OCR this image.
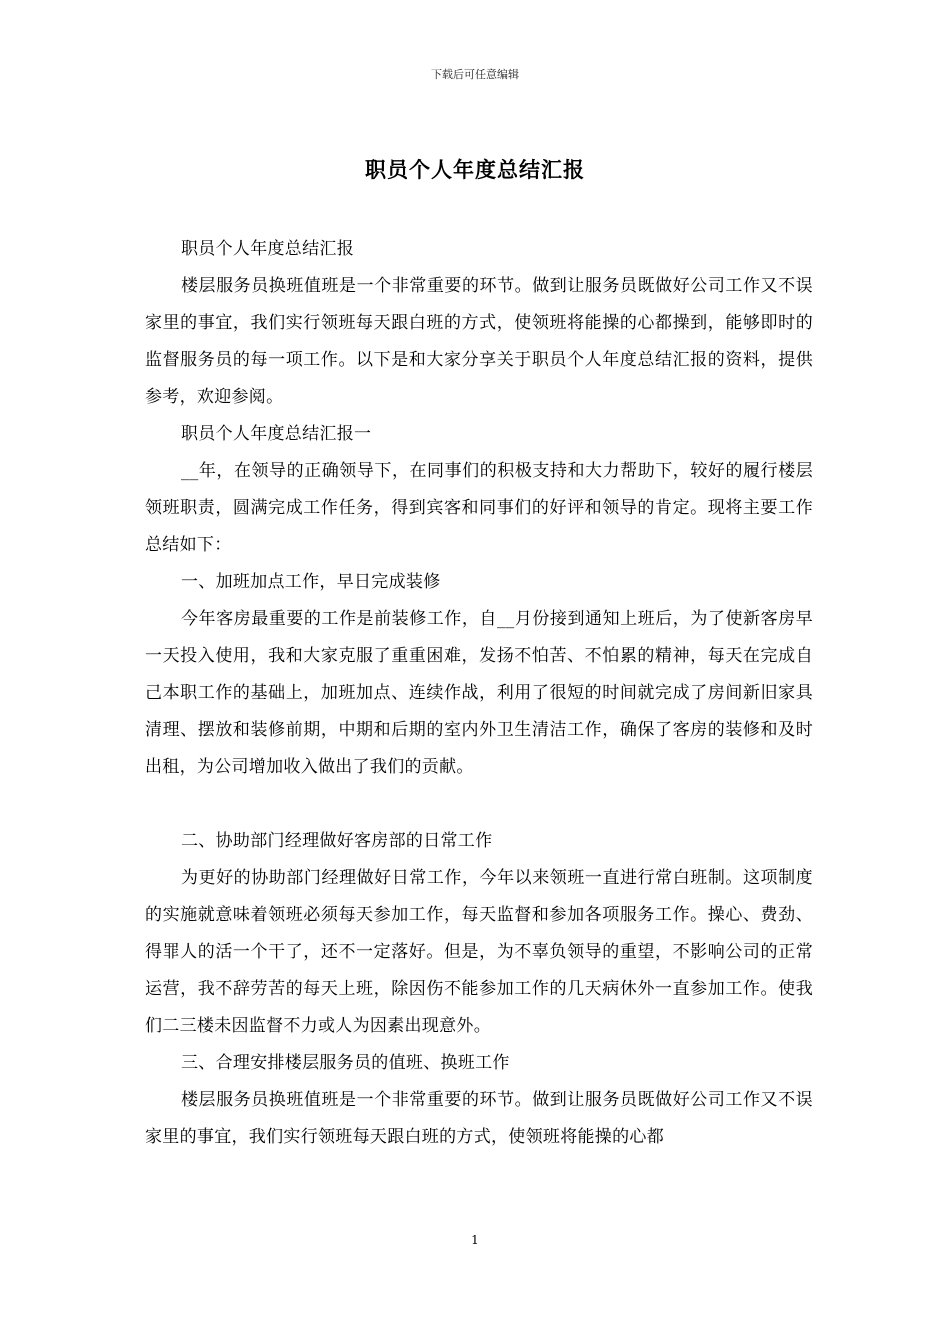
下载后可任意编辑
职员个人年度总结汇报

职员个人年度总结汇报

楼层服务员换班值班是一个非常重要的环节。做到让服务员既做好公司工作又不误家里的事宜，我们实行领班每天跟白班的方式，使领班将能操的心都操到，能够即时的监督服务员的每一项工作。以下是和大家分享关于职员个人年度总结汇报的资料，提供参考，欢迎参阅。

职员个人年度总结汇报一

__年，在领导的正确领导下，在同事们的积极支持和大力帮助下，较好的履行楼层领班职责，圆满完成工作任务，得到宾客和同事们的好评和领导的肯定。现将主要工作总结如下：

一、加班加点工作，早日完成装修

今年客房最重要的工作是前装修工作，自__月份接到通知上班后，为了使新客房早一天投入使用，我和大家克服了重重困难，发扬不怕苦、不怕累的精神，每天在完成自己本职工作的基础上，加班加点、连续作战，利用了很短的时间就完成了房间新旧家具清理、摆放和装修前期，中期和后期的室内外卫生清洁工作，确保了客房的装修和及时出租，为公司增加收入做出了我们的贡献。

二、协助部门经理做好客房部的日常工作

为更好的协助部门经理做好日常工作，今年以来领班一直进行常白班制。这项制度的实施就意味着领班必须每天参加工作，每天监督和参加各项服务工作。操心、费劲、得罪人的活一个干了，还不一定落好。但是，为不辜负领导的重望，不影响公司的正常运营，我不辞劳苦的每天上班，除因伤不能参加工作的几天病休外一直参加工作。使我们二三楼未因监督不力或人为因素出现意外。

三、合理安排楼层服务员的值班、换班工作

楼层服务员换班值班是一个非常重要的环节。做到让服务员既做好公司工作又不误家里的事宜，我们实行领班每天跟白班的方式，使领班将能操的心都

1
